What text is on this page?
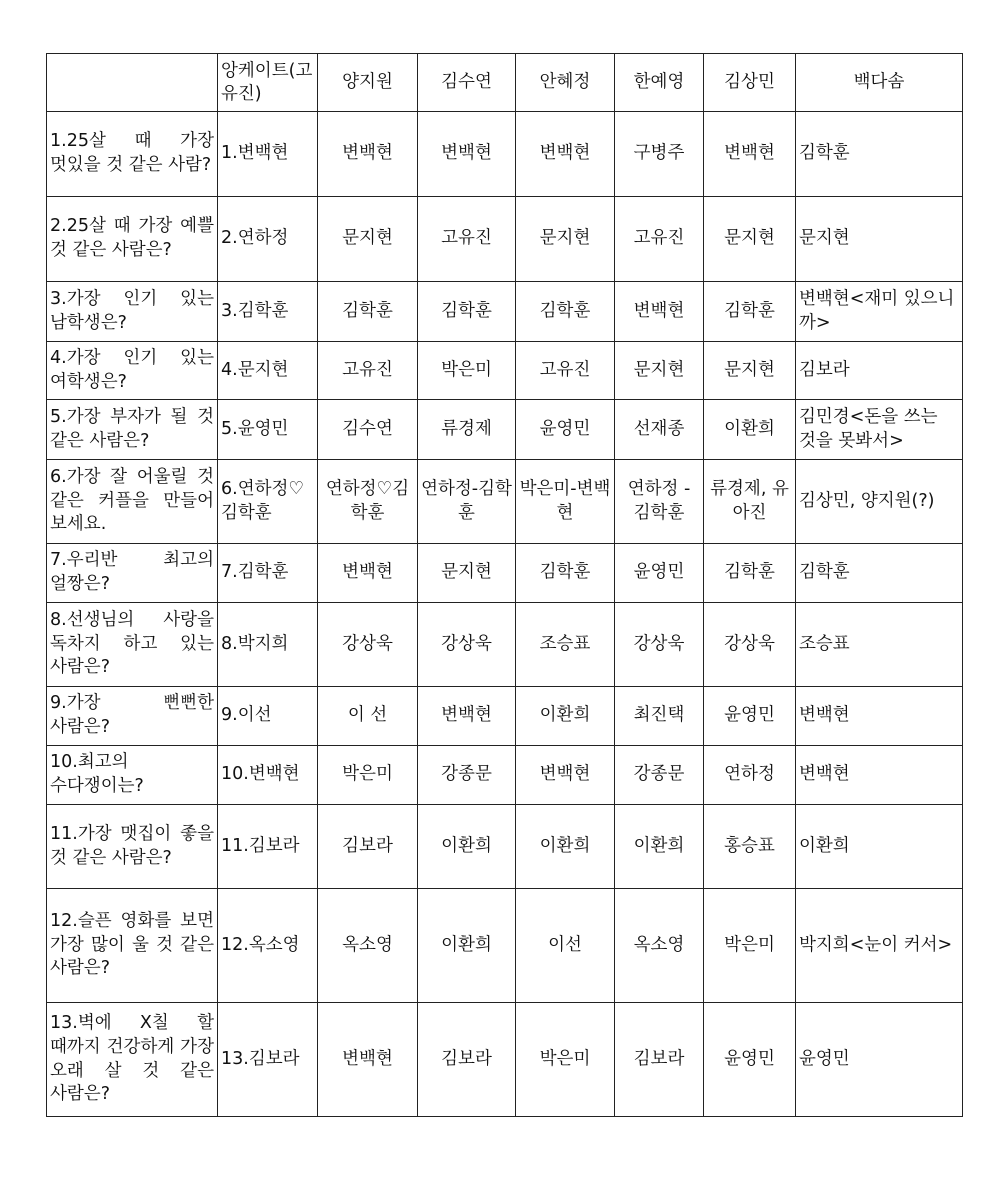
	앙케이트(고유진)	양지원	김수연	안혜정	한예영	김상민	백다솜
1.25살 때 가장 멋있을 것 같은 사람?	1.변백현	변백현	변백현	변백현	구병주	변백현	김학훈
2.25살 때 가장 예쁠 것 같은 사람은?	2.연하정	문지현	고유진	문지현	고유진	문지현	문지현
3.가장 인기 있는 남학생은?	3.김학훈	김학훈	김학훈	김학훈	변백현	김학훈	변백현<재미 있으니까>
4.가장 인기 있는 여학생은?	4.문지현	고유진	박은미	고유진	문지현	문지현	김보라
5.가장 부자가 될 것 같은 사람은?	5.윤영민	김수연	류경제	윤영민	선재종	이환희	김민경<돈을 쓰는 것을 못봐서>
6.가장 잘 어울릴 것 같은 커플을 만들어 보세요.	6.연하정♡김학훈	연하정♡김학훈	연하정-김학훈	박은미-변백현	연하정 - 김학훈	류경제, 유아진	김상민, 양지원(?)
7.우리반 최고의 얼짱은?	7.김학훈	변백현	문지현	김학훈	윤영민	김학훈	김학훈
8.선생님의 사랑을 독차지 하고 있는 사람은?	8.박지희	강상욱	강상욱	조승표	강상욱	강상욱	조승표
9.가장 뻔뻔한 사람은?	9.이선	이 선	변백현	이환희	최진택	윤영민	변백현
10.최고의 수다쟁이는?	10.변백현	박은미	강종문	변백현	강종문	연하정	변백현
11.가장 맷집이 좋을 것 같은 사람은?	11.김보라	김보라	이환희	이환희	이환희	홍승표	이환희
12.슬픈 영화를 보면 가장 많이 울 것 같은 사람은?	12.옥소영	옥소영	이환희	이선	옥소영	박은미	박지희<눈이 커서>
13.벽에 X칠 할 때까지 건강하게 가장 오래 살 것 같은 사람은?	13.김보라	변백현	김보라	박은미	김보라	윤영민	윤영민
